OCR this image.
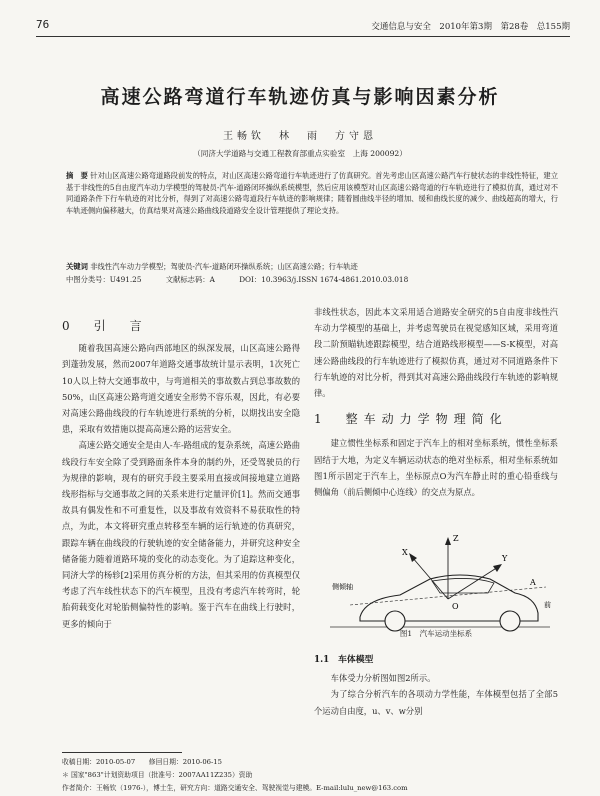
76	交通信息与安全　2010年第3期　第28卷　总155期
高速公路弯道行车轨迹仿真与影响因素分析
王畅钦　林　雨　方守恩
（同济大学道路与交通工程教育部重点实验室　上海 200092）
摘　要 针对山区高速公路弯道路段前发的特点，对山区高速公路弯道行车轨迹进行了仿真研究。首先考虑山区高速公路汽车行驶状态的非线性特征，建立基于非线性的5自由度汽车动力学模型的驾驶员-汽车-道路闭环操纵系统模型，然后应用该模型对山区高速公路弯道的行车轨迹进行了模拟仿真，通过对不同道路条件下行车轨迹的对比分析，得到了对高速公路弯道段行车轨迹的影响规律；随着圆曲线半径的增加、缓和曲线长度的减少、曲线超高的增大，行车轨迹侧向偏移越大，仿真结果对高速公路曲线段道路安全设计管理提供了理论支持。
关键词 非线性汽车动力学模型；驾驶员-汽车-道路闭环操纵系统；山区高速公路；行车轨迹
中图分类号：U491.25	文献标志码：A	DOI：10.3963/j.ISSN 1674-4861.2010.03.018
0　引　言

随着我国高速公路向西部地区的纵深发展，山区高速公路得到蓬勃发展，然而2007年道路交通事故统计显示表明，1次死亡10人以上特大交通事故中，与弯道相关的事故数占到总事故数的50%，山区高速公路弯道交通安全形势不容乐观，因此，有必要对高速公路曲线段的行车轨迹进行系统的分析，以期找出安全隐患，采取有效措施以提高高速公路的运营安全。

高速公路交通安全是由人-车-路组成的复杂系统，高速公路曲线段行车安全除了受到路面条件本身的制约外，还受驾驶员的行为规律的影响，现有的研究手段主要采用直接或间接地建立道路线形指标与交通事故之间的关系来进行定量评价[1]。然而交通事故具有偶发性和不可重复性，以及事故有效资料不易获取性的特点，为此，本文将研究重点转移至车辆的运行轨迹的仿真研究，跟踪车辆在曲线段的行驶轨迹的安全储备能力，并研究这种安全储备能力随着道路环境的变化的动态变化。为了追踪这种变化，同济大学的杨轸[2]采用仿真分析的方法，但其采用的仿真模型仅考虑了汽车线性状态下的汽车模型，且没有考虑汽车转弯时，轮胎荷载变化对轮胎侧偏特性的影响。鉴于汽车在曲线上行驶时，更多的倾向于

非线性状态，因此本文采用适合道路安全研究的5自由度非线性汽车动力学模型的基础上，并考虑驾驶员在视觉感知区域，采用弯道段二阶预瞄轨迹跟踪模型，结合道路线形模型——S-K模型，对高速公路曲线段的行车轨迹进行了模拟仿真，通过对不同道路条件下行车轨迹的对比分析，得到其对高速公路曲线段行车轨迹的影响规律。

1　整车动力学物理简化

建立惯性坐标系和固定于汽车上的相对坐标系统，惯性坐标系固结于大地，为定义车辆运动状态的绝对坐标系，相对坐标系统如图1所示固定于汽车上，坐标原点O为汽车静止时的重心铅垂线与侧偏角（前后侧倾中心连线）的交点为原点。

Z
Y
X
A
O
侧倾轴
前
图1　汽车运动坐标系
1.1　车体模型

车体受力分析图如图2所示。

为了综合分析汽车的各项动力学性能，车体模型包括了全部5个运动自由度，u、v、w分别

收稿日期：2010-05-07　　修回日期：2010-06-15
＊ 国家"863"计划资助项目（批准号：2007AA11Z235）资助
作者简介：王畅钦（1976-），博士生，研究方向：道路交通安全、驾驶视觉与建模。E-mail:lulu_new@163.com
